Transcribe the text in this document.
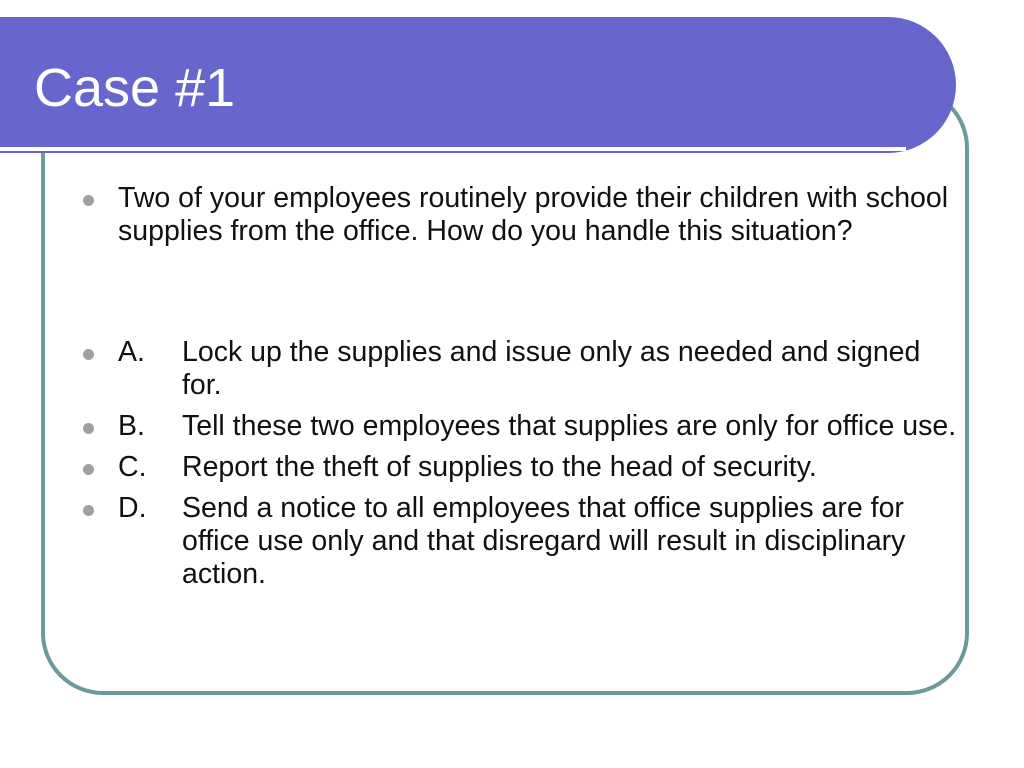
Case #1
Two of your employees routinely provide their children with school supplies from the office. How do you handle this situation?
A. Lock up the supplies and issue only as needed and signed for.
B. Tell these two employees that supplies are only for office use.
C. Report the theft of supplies to the head of security.
D. Send a notice to all employees that office supplies are for office use only and that disregard will result in disciplinary action.
